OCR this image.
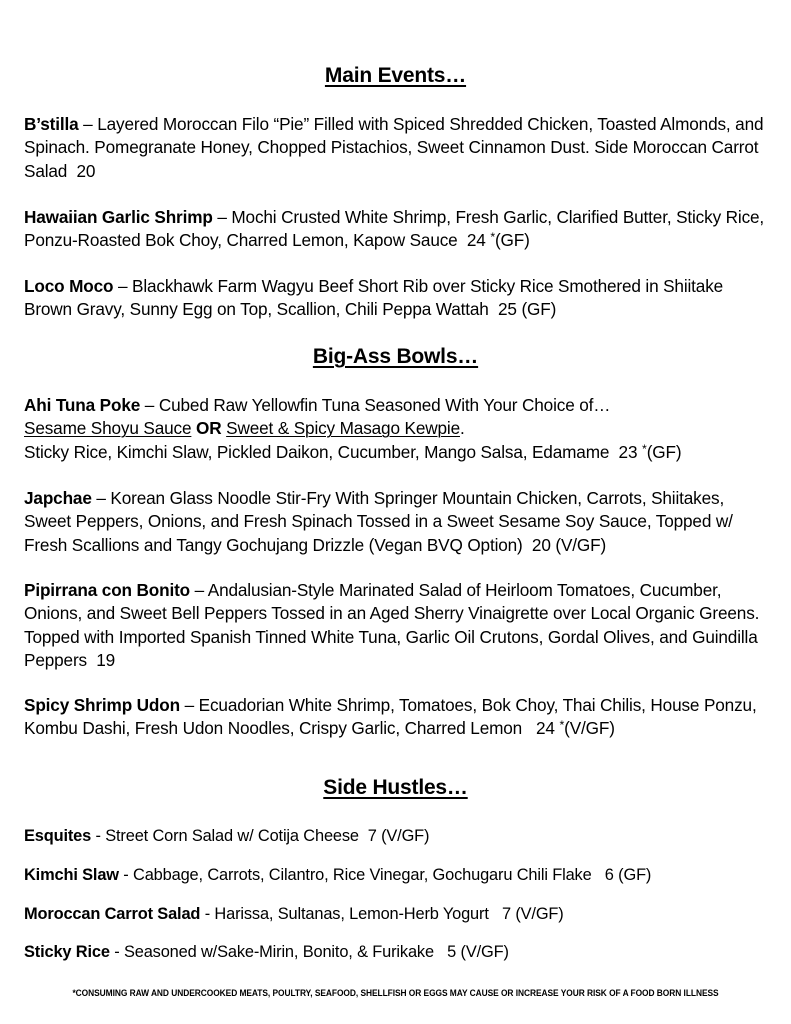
Main Events…

B’stilla – Layered Moroccan Filo “Pie” Filled with Spiced Shredded Chicken, Toasted Almonds, and Spinach. Pomegranate Honey, Chopped Pistachios, Sweet Cinnamon Dust. Side Moroccan Carrot Salad 20

Hawaiian Garlic Shrimp – Mochi Crusted White Shrimp, Fresh Garlic, Clarified Butter, Sticky Rice, Ponzu-Roasted Bok Choy, Charred Lemon, Kapow Sauce 24 *(GF)

Loco Moco – Blackhawk Farm Wagyu Beef Short Rib over Sticky Rice Smothered in Shiitake Brown Gravy, Sunny Egg on Top, Scallion, Chili Peppa Wattah 25 (GF)

Big-Ass Bowls…

Ahi Tuna Poke – Cubed Raw Yellowfin Tuna Seasoned With Your Choice of…
Sesame Shoyu Sauce OR Sweet & Spicy Masago Kewpie.
Sticky Rice, Kimchi Slaw, Pickled Daikon, Cucumber, Mango Salsa, Edamame 23 *(GF)

Japchae – Korean Glass Noodle Stir-Fry With Springer Mountain Chicken, Carrots, Shiitakes, Sweet Peppers, Onions, and Fresh Spinach Tossed in a Sweet Sesame Soy Sauce, Topped w/ Fresh Scallions and Tangy Gochujang Drizzle (Vegan BVQ Option) 20 (V/GF)

Pipirrana con Bonito – Andalusian-Style Marinated Salad of Heirloom Tomatoes, Cucumber, Onions, and Sweet Bell Peppers Tossed in an Aged Sherry Vinaigrette over Local Organic Greens. Topped with Imported Spanish Tinned White Tuna, Garlic Oil Crutons, Gordal Olives, and Guindilla Peppers 19

Spicy Shrimp Udon – Ecuadorian White Shrimp, Tomatoes, Bok Choy, Thai Chilis, House Ponzu, Kombu Dashi, Fresh Udon Noodles, Crispy Garlic, Charred Lemon 24 *(V/GF)

Side Hustles…

Esquites - Street Corn Salad w/ Cotija Cheese 7 (V/GF)

Kimchi Slaw - Cabbage, Carrots, Cilantro, Rice Vinegar, Gochugaru Chili Flake 6 (GF)

Moroccan Carrot Salad - Harissa, Sultanas, Lemon-Herb Yogurt 7 (V/GF)

Sticky Rice - Seasoned w/Sake-Mirin, Bonito, & Furikake 5 (V/GF)

*CONSUMING RAW AND UNDERCOOKED MEATS, POULTRY, SEAFOOD, SHELLFISH OR EGGS MAY CAUSE OR INCREASE YOUR RISK OF A FOOD BORN ILLNESS
